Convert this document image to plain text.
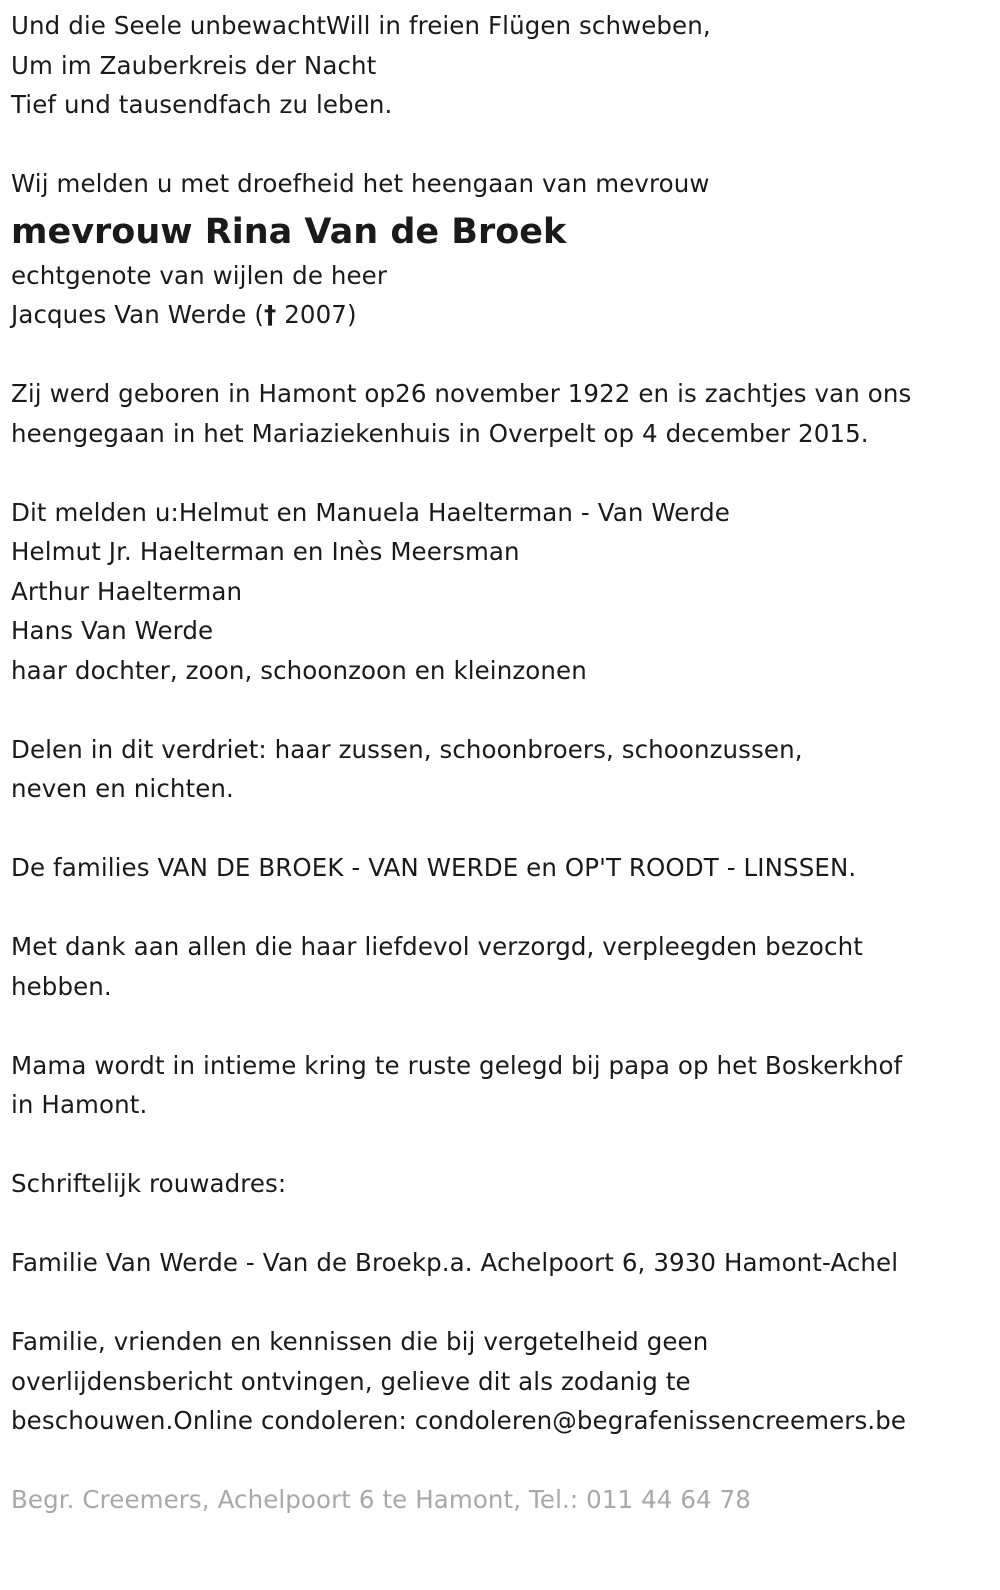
Und die Seele unbewachtWill in freien Flügen schweben,
Um im Zauberkreis der Nacht
Tief und tausendfach zu leben.
Wij melden u met droefheid het heengaan van mevrouw
mevrouw Rina Van de Broek
echtgenote van wijlen de heer
Jacques Van Werde († 2007)
Zij werd geboren in Hamont op26 november 1922 en is zachtjes van ons
heengegaan in het Mariaziekenhuis in Overpelt op 4 december 2015.
Dit melden u:Helmut en Manuela Haelterman - Van Werde
Helmut Jr. Haelterman en Inès Meersman
Arthur Haelterman
Hans Van Werde
haar dochter, zoon, schoonzoon en kleinzonen
Delen in dit verdriet: haar zussen, schoonbroers, schoonzussen,
neven en nichten.
De families VAN DE BROEK - VAN WERDE en OP'T ROODT - LINSSEN.
Met dank aan allen die haar liefdevol verzorgd, verpleegden bezocht
hebben.
Mama wordt in intieme kring te ruste gelegd bij papa op het Boskerkhof
in Hamont.
Schriftelijk rouwadres:
Familie Van Werde - Van de Broekp.a. Achelpoort 6, 3930 Hamont-Achel
Familie, vrienden en kennissen die bij vergetelheid geen
overlijdensbericht ontvingen, gelieve dit als zodanig te
beschouwen.Online condoleren: condoleren@begrafenissencreemers.be
Begr. Creemers, Achelpoort 6 te Hamont, Tel.: 011 44 64 78
